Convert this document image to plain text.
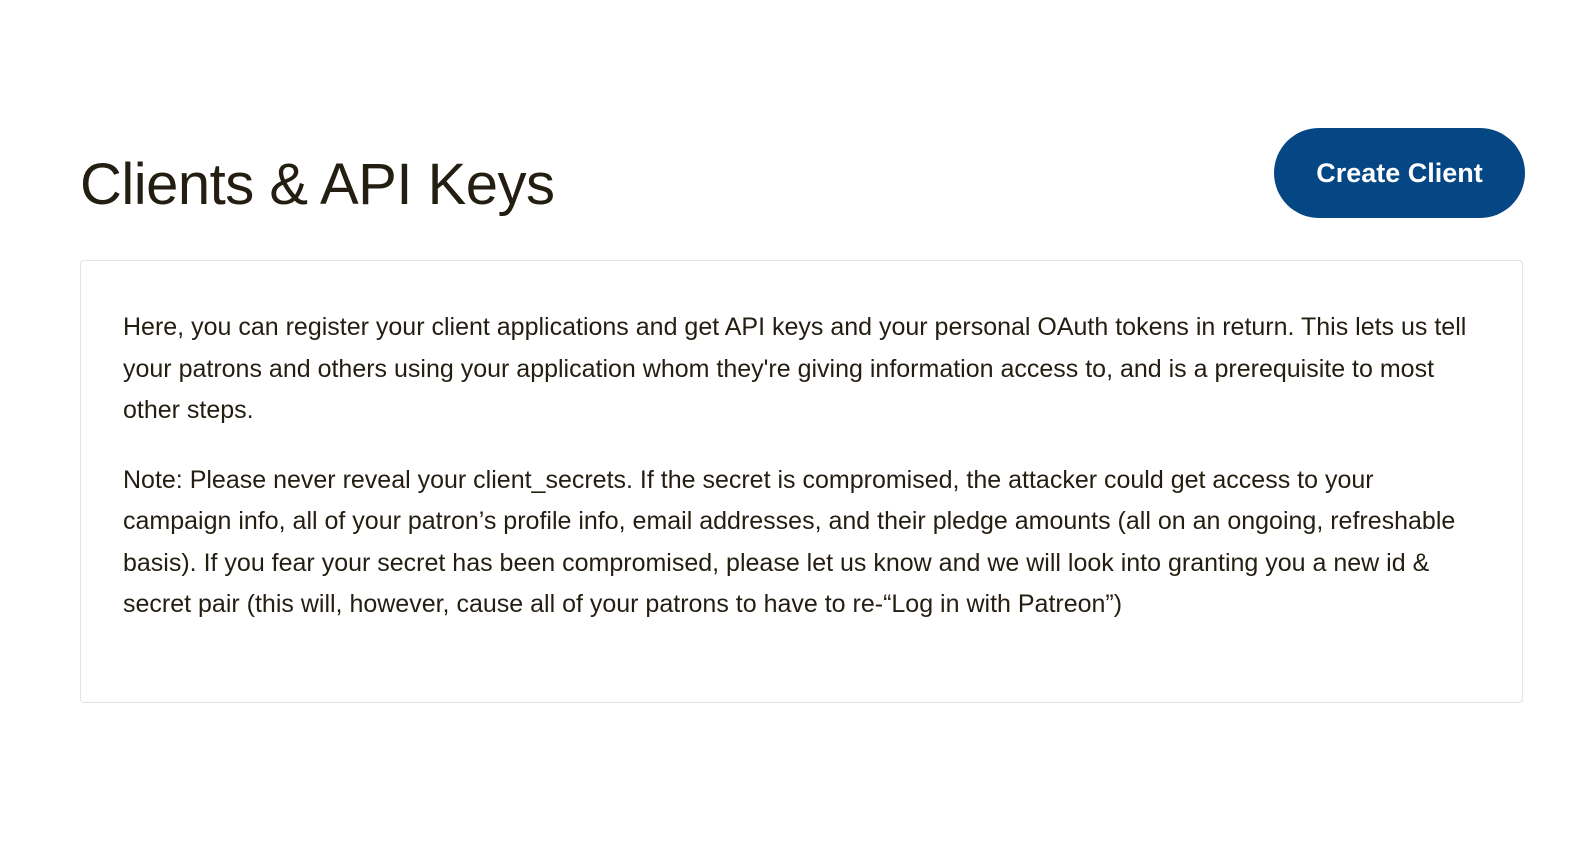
Clients & API Keys	Create Client

Here, you can register your client applications and get API keys and your personal OAuth tokens in return. This lets us tell your patrons and others using your application whom they're giving information access to, and is a prerequisite to most other steps.

Note: Please never reveal your client_secrets. If the secret is compromised, the attacker could get access to your campaign info, all of your patron’s profile info, email addresses, and their pledge amounts (all on an ongoing, refreshable basis). If you fear your secret has been compromised, please let us know and we will look into granting you a new id & secret pair (this will, however, cause all of your patrons to have to re-“Log in with Patreon”)
